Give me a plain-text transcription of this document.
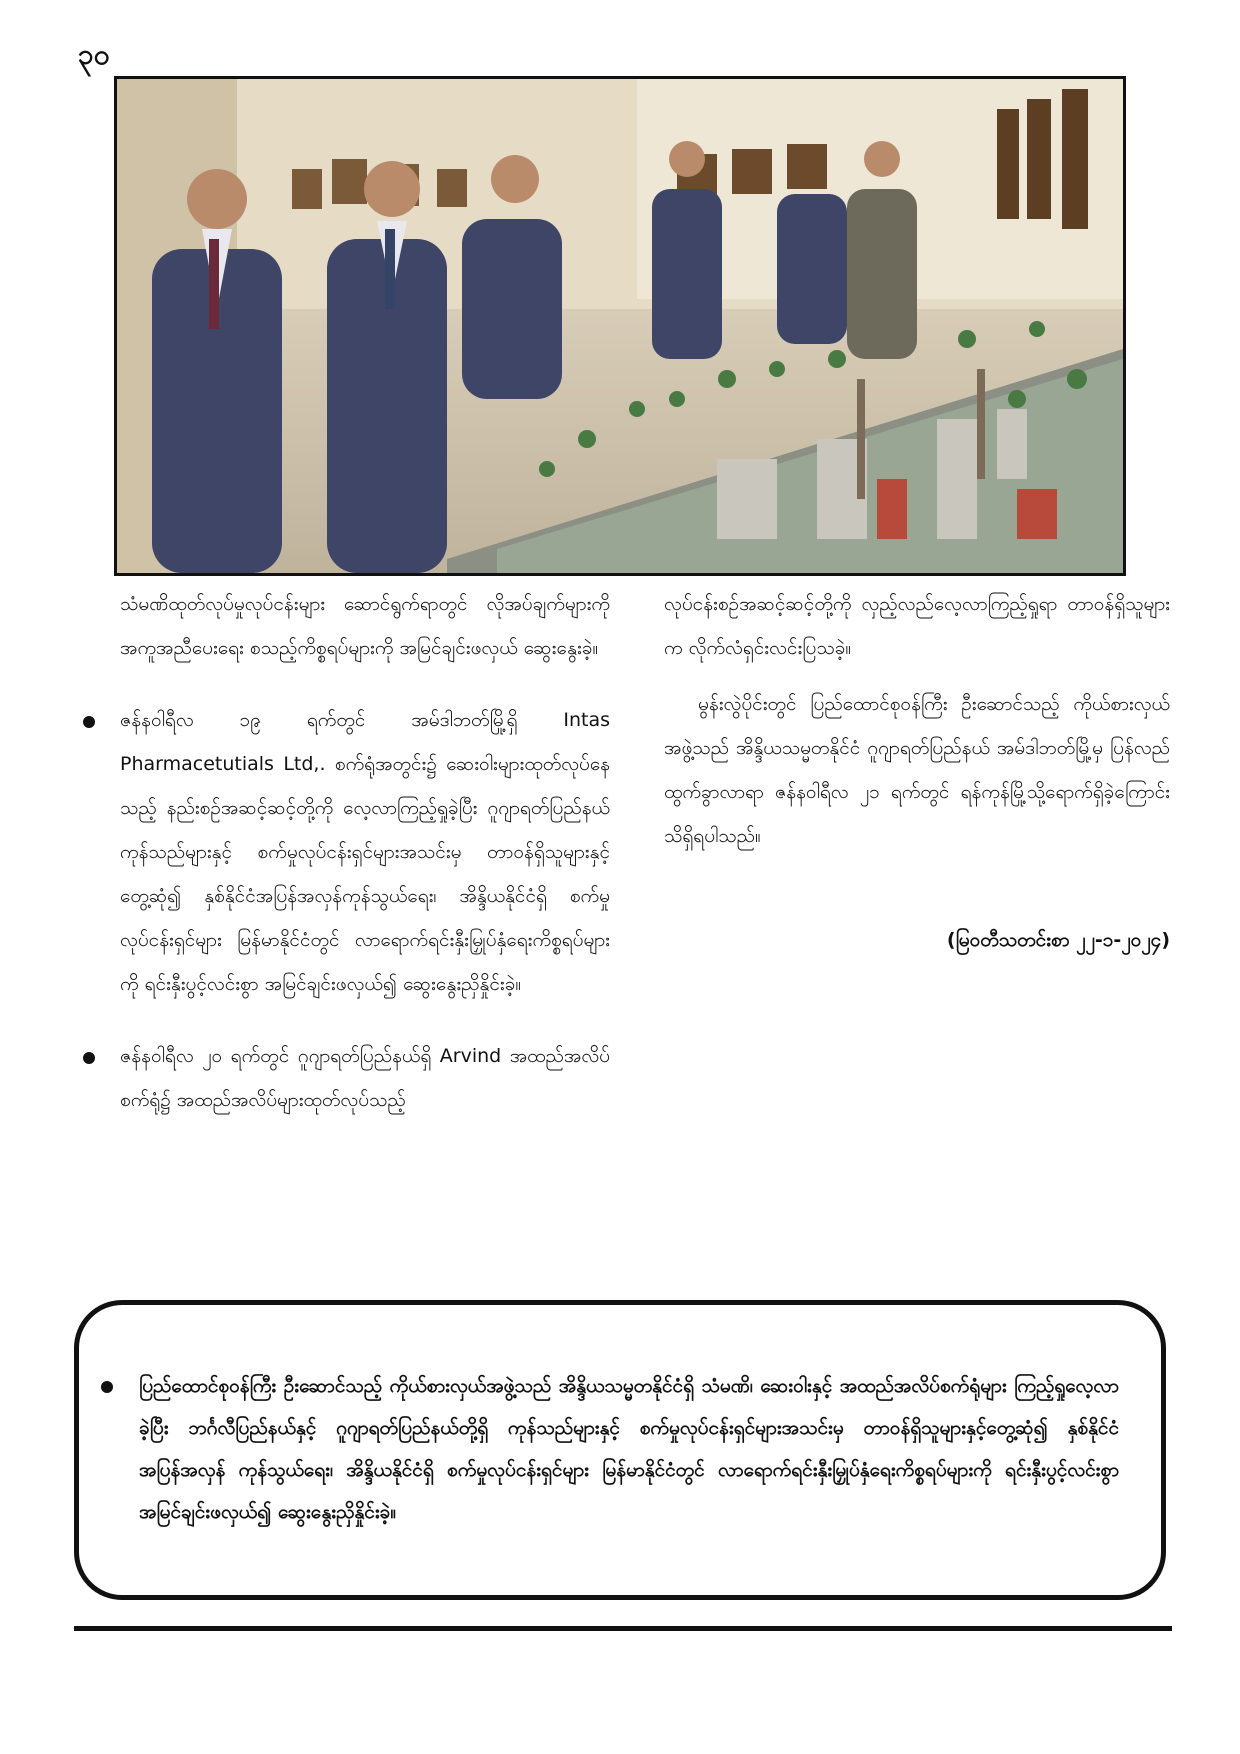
၃၀

သံမဏိထုတ်လုပ်မှုလုပ်ငန်းများ ဆောင်ရွက်ရာတွင် လိုအပ်ချက်များကို အကူအညီပေးရေး စသည့်ကိစ္စရပ်များကို အမြင်ချင်းဖလှယ် ဆွေးနွေးခဲ့။

ဇန်နဝါရီလ ၁၉ ရက်တွင် အမ်ဒါဘတ်မြို့ရှိ Intas Pharmacetutials Ltd,. စက်ရုံအတွင်း၌ ဆေးဝါးများထုတ်လုပ်နေသည့် နည်းစဉ်အဆင့်ဆင့်တို့ကို လေ့လာကြည့်ရှုခဲ့ပြီး ဂူဂျာရတ်ပြည်နယ် ကုန်သည်များနှင့် စက်မှုလုပ်ငန်းရှင်များအသင်းမှ တာဝန်ရှိသူများနှင့်တွေ့ဆုံ၍ နှစ်နိုင်ငံအပြန်အလှန်ကုန်သွယ်ရေး၊ အိန္ဒိယနိုင်ငံရှိ စက်မှုလုပ်ငန်းရှင်များ မြန်မာနိုင်ငံတွင် လာရောက်ရင်းနှီးမြှုပ်နှံရေးကိစ္စရပ်များကို ရင်းနှီးပွင့်လင်းစွာ အမြင်ချင်းဖလှယ်၍ ဆွေးနွေးညှိနှိုင်းခဲ့။

ဇန်နဝါရီလ ၂၀ ရက်တွင် ဂူဂျာရတ်ပြည်နယ်ရှိ Arvind အထည်အလိပ်စက်ရုံ၌ အထည်အလိပ်များထုတ်လုပ်သည့်

လုပ်ငန်းစဉ်အဆင့်ဆင့်တို့ကို လှည့်လည်လေ့လာကြည့်ရှုရာ တာဝန်ရှိသူများက လိုက်လံရှင်းလင်းပြသခဲ့။

မွန်းလွဲပိုင်းတွင် ပြည်ထောင်စုဝန်ကြီး ဦးဆောင်သည့် ကိုယ်စားလှယ်အဖွဲ့သည် အိန္ဒိယသမ္မတနိုင်ငံ ဂူဂျာရတ်ပြည်နယ် အမ်ဒါဘတ်မြို့မှ ပြန်လည်ထွက်ခွာလာရာ ဇန်နဝါရီလ ၂၁ ရက်တွင် ရန်ကုန်မြို့သို့ရောက်ရှိခဲ့ကြောင်း သိရှိရပါသည်။

(မြဝတီသတင်းစာ ၂၂-၁-၂၀၂၄)

ပြည်ထောင်စုဝန်ကြီး ဦးဆောင်သည့် ကိုယ်စားလှယ်အဖွဲ့သည် အိန္ဒိယသမ္မတနိုင်ငံရှိ သံမဏိ၊ ဆေးဝါးနှင့် အထည်အလိပ်စက်ရုံများ ကြည့်ရှုလေ့လာခဲ့ပြီး ဘင်္ဂလီပြည်နယ်နှင့် ဂူဂျာရတ်ပြည်နယ်တို့ရှိ ကုန်သည်များနှင့် စက်မှုလုပ်ငန်းရှင်များအသင်းမှ တာဝန်ရှိသူများနှင့်တွေ့ဆုံ၍ နှစ်နိုင်ငံအပြန်အလှန် ကုန်သွယ်ရေး၊ အိန္ဒိယနိုင်ငံရှိ စက်မှုလုပ်ငန်းရှင်များ မြန်မာနိုင်ငံတွင် လာရောက်ရင်းနှီးမြှုပ်နှံရေးကိစ္စရပ်များကို ရင်းနှီးပွင့်လင်းစွာ အမြင်ချင်းဖလှယ်၍ ဆွေးနွေးညှိနှိုင်းခဲ့။
